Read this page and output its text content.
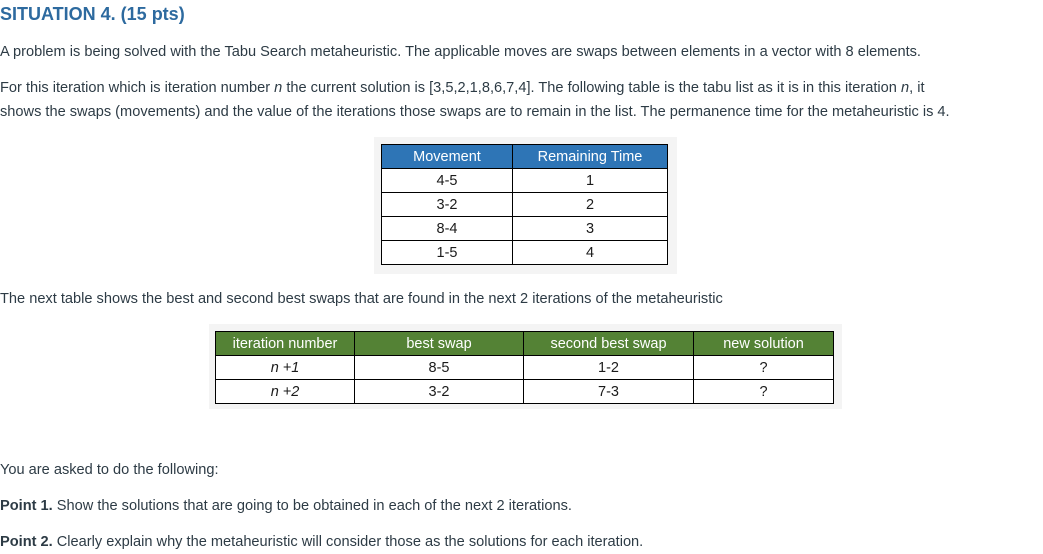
SITUATION 4. (15 pts)
A problem is being solved with the Tabu Search metaheuristic. The applicable moves are swaps between elements in a vector with 8 elements.
For this iteration which is iteration number n the current solution is [3,5,2,1,8,6,7,4]. The following table is the tabu list as it is in this iteration n, it
shows the swaps (movements) and the value of the iterations those swaps are to remain in the list. The permanence time for the metaheuristic is 4.
Movement	Remaining Time
4-5	1
3-2	2
8-4	3
1-5	4
The next table shows the best and second best swaps that are found in the next 2 iterations of the metaheuristic
iteration number	best swap	second best swap	new solution
n +1	8-5	1-2	?
n +2	3-2	7-3	?
You are asked to do the following:
Point 1. Show the solutions that are going to be obtained in each of the next 2 iterations.
Point 2. Clearly explain why the metaheuristic will consider those as the solutions for each iteration.
